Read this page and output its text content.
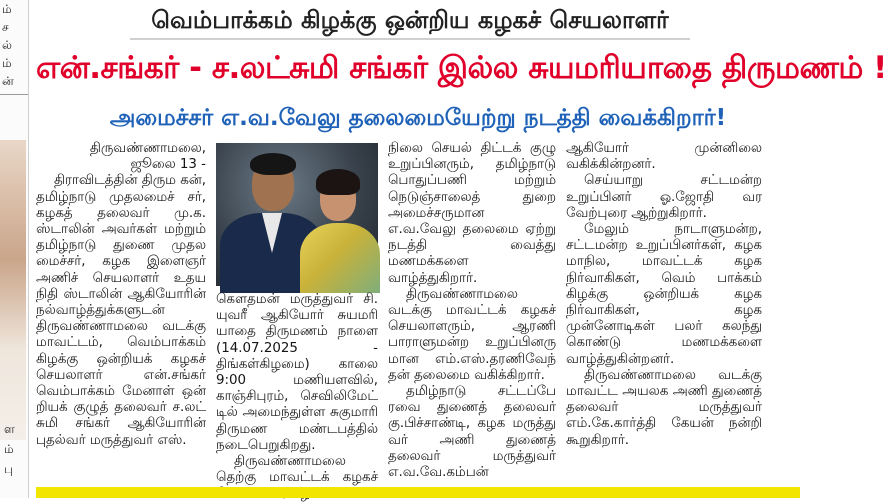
ம்
ச
ல்
ம்
ன்
ள
ம்
பு
வெம்பாக்கம் கிழக்கு ஒன்றிய கழகச் செயலாளர்
என்.சங்கர் - ச.லட்சுமி சங்கர் இல்ல சுயமரியாதை திருமணம் !
அமைச்சர் எ.வ.வேலு தலைமையேற்று நடத்தி வைக்கிறார்!
திருவண்ணாமலை,
ஜூலை 13 -

திராவிடத்தின் திரும கன், தமிழ்நாடு முதலமைச் சர், கழகத் தலைவர் மு.க. ஸ்டாலின் அவர்கள் மற்றும் தமிழ்நாடு துணை முதல மைச்சர், கழக இளைஞர் அணிச் செயலாளர் உதய நிதி ஸ்டாலின் ஆகியோரின் நல்வாழ்த்துக்களுடன் திருவண்ணாமலை வடக்கு மாவட்டம், வெம்பாக்கம் கிழக்கு ஒன்றியக் கழகச் செயலாளர் என்.சங்கர் வெம்பாக்கம் மேனாள் ஒன் றியக் குழுத் தலைவர் ச.லட் சுமி சங்கர் ஆகியோரின் புதல்வர் மருத்துவர் எஸ்.

கௌதமன் மருத்துவர் சி. யுவரீ ஆகியோர் சுயமரி யாதை திருமணம் நாளை (14.07.2025 - திங்கள்கிழமை) காலை 9:00 மணியளவில், காஞ்சிபுரம், செவிலிமேட் டில் அமைந்துள்ள சுகுமாரி திருமண மண்டபத்தில் நடைபெறுகிறது.

திருவண்ணாமலை தெற்கு மாவட்டக் கழகச்

நிலை செயல் திட்டக் குழு உறுப்பினரும், தமிழ்நாடு பொதுப்பணி மற்றும் நெடுஞ்சாலைத் துறை அமைச்சருமான எ.வ.வேலு தலைமை ஏற்று நடத்தி வைத்து மணமக்களை வாழ்த்துகிறார்.

திருவண்ணாமலை வடக்கு மாவட்டக் கழகச் செயலாளரும், ஆரணி பாராளுமன்ற உறுப்பினரு மான எம்.எஸ்.தரணிவேந் தன் தலைமை வகிக்கிறார்.

தமிழ்நாடு சட்டப்பே ரவை துணைத் தலைவர் கு.பிச்சாண்டி, கழக மருத்து வர் அணி துணைத் தலைவர் மருத்துவர் எ.வ.வே.கம்பன்

ஆகியோர் முன்னிலை வகிக்கின்றனர்.

செய்யாறு சட்டமன்ற உறுப்பினர் ஓ.ஜோதி வர வேற்புரை ஆற்றுகிறார்.

மேலும் நாடாளுமன்ற, சட்டமன்ற உறுப்பினர்கள், கழக மாநில, மாவட்டக் கழக நிர்வாகிகள், வெம் பாக்கம் கிழக்கு ஒன்றியக் கழக நிர்வாகிகள், கழக முன்னோடிகள் பலர் கலந்து கொண்டு மணமக்களை வாழ்த்துகின்றனர்.

திருவண்ணாமலை வடக்கு மாவட்ட அயலக அணி துணைத் தலைவர் மருத்துவர் எம்.கே.கார்த்தி கேயன் நன்றி கூறுகிறார்.
